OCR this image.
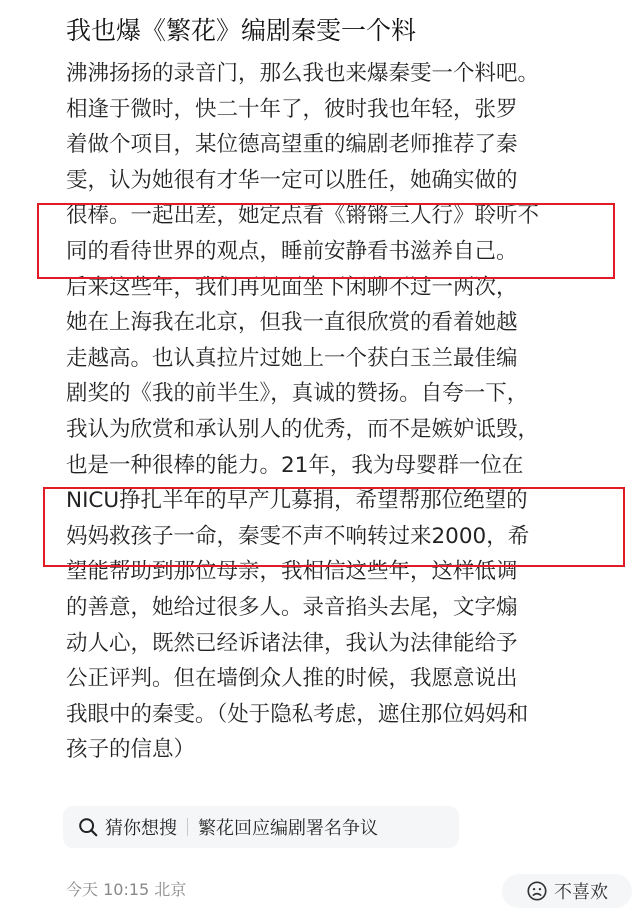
我也爆《繁花》编剧秦雯一个料
沸沸扬扬的录音门，那么我也来爆秦雯一个料吧。
相逢于微时，快二十年了，彼时我也年轻，张罗
着做个项目，某位德高望重的编剧老师推荐了秦
雯，认为她很有才华一定可以胜任，她确实做的
很棒。一起出差，她定点看《锵锵三人行》聆听不
同的看待世界的观点，睡前安静看书滋养自己。
后来这些年，我们再见面坐下闲聊不过一两次，
她在上海我在北京，但我一直很欣赏的看着她越
走越高。也认真拉片过她上一个获白玉兰最佳编
剧奖的《我的前半生》，真诚的赞扬。自夸一下，
我认为欣赏和承认别人的优秀，而不是嫉妒诋毁，
也是一种很棒的能力。21年，我为母婴群一位在
NICU挣扎半年的早产儿募捐，希望帮那位绝望的
妈妈救孩子一命，秦雯不声不响转过来2000，希
望能帮助到那位母亲，我相信这些年，这样低调
的善意，她给过很多人。录音掐头去尾，文字煽
动人心，既然已经诉诸法律，我认为法律能给予
公正评判。但在墙倒众人推的时候，我愿意说出
我眼中的秦雯。（处于隐私考虑，遮住那位妈妈和
孩子的信息）
猜你想搜 繁花回应编剧署名争议
今天 10:15 北京	不喜欢
